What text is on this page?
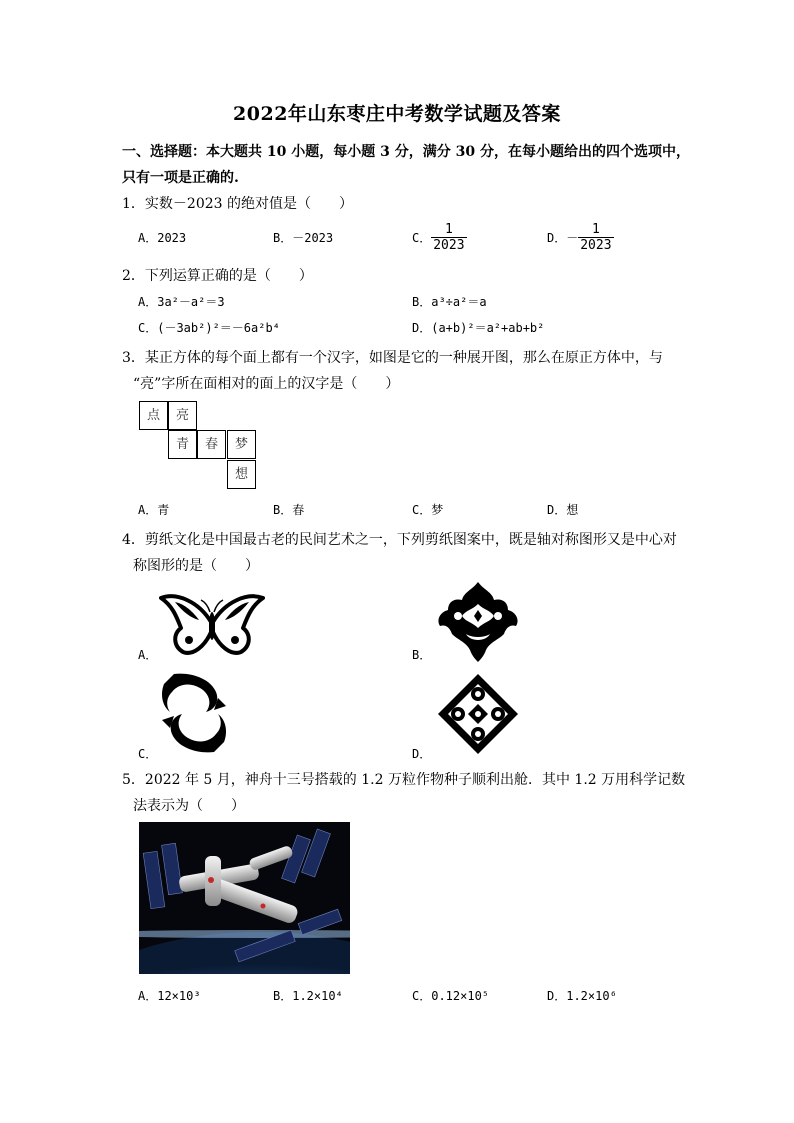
2022年山东枣庄中考数学试题及答案
一、选择题：本大题共 10 小题，每小题 3 分，满分 30 分，在每小题给出的四个选项中，
只有一项是正确的.
1．实数－2023 的绝对值是（　　）
A．2023	B．－2023	C． $\frac{1}{2023}$	D．－ $\frac{1}{2023}$
2．下列运算正确的是（　　）
A．3a²－a²＝3	B．a³÷a²＝a
C．(－3ab²)²＝－6a²b⁴	D．(a+b)²＝a²+ab+b²
3．某正方体的每个面上都有一个汉字，如图是它的一种展开图，那么在原正方体中，与
“亮”字所在面相对的面上的汉字是（　　）
点	亮
青	春	梦
想
A．青	B．春	C．梦	D．想
4．剪纸文化是中国最古老的民间艺术之一，下列剪纸图案中，既是轴对称图形又是中心对
称图形的是（　　）
A．	B．
C．	D．
5．2022 年 5 月，神舟十三号搭载的 1.2 万粒作物种子顺利出舱．其中 1.2 万用科学记数
法表示为（　　）
A．12×10³	B．1.2×10⁴	C．0.12×10⁵	D．1.2×10⁶
